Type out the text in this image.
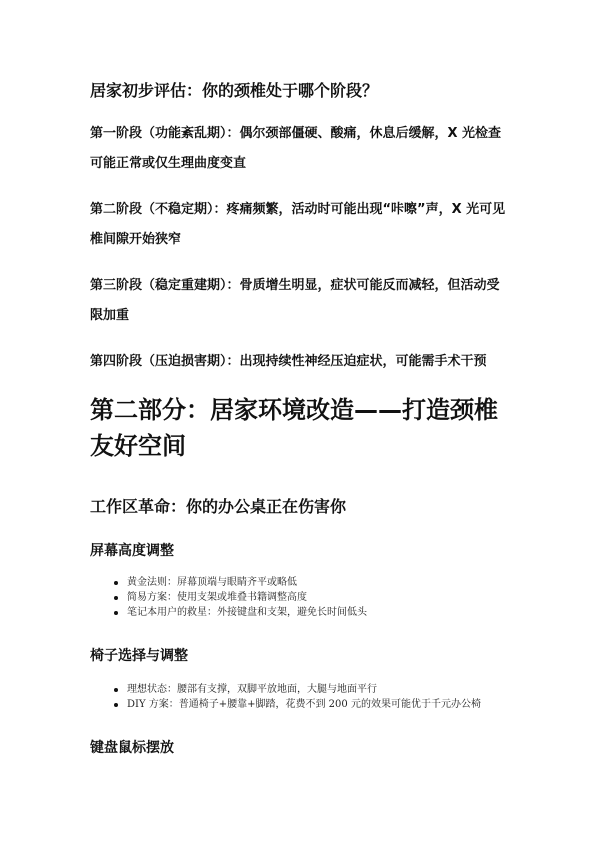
居家初步评估：你的颈椎处于哪个阶段？
第一阶段（功能紊乱期）：偶尔颈部僵硬、酸痛，休息后缓解，X 光检查可能正常或仅生理曲度变直
第二阶段（不稳定期）：疼痛频繁，活动时可能出现“咔嚓”声，X 光可见椎间隙开始狭窄
第三阶段（稳定重建期）：骨质增生明显，症状可能反而减轻，但活动受限加重
第四阶段（压迫损害期）：出现持续性神经压迫症状，可能需手术干预
第二部分：居家环境改造——打造颈椎友好空间
工作区革命：你的办公桌正在伤害你
屏幕高度调整
黄金法则：屏幕顶端与眼睛齐平或略低
简易方案：使用支架或堆叠书籍调整高度
笔记本用户的救星：外接键盘和支架，避免长时间低头
椅子选择与调整
理想状态：腰部有支撑，双脚平放地面，大腿与地面平行
DIY 方案：普通椅子+腰靠+脚踏，花费不到 200 元的效果可能优于千元办公椅
键盘鼠标摆放
